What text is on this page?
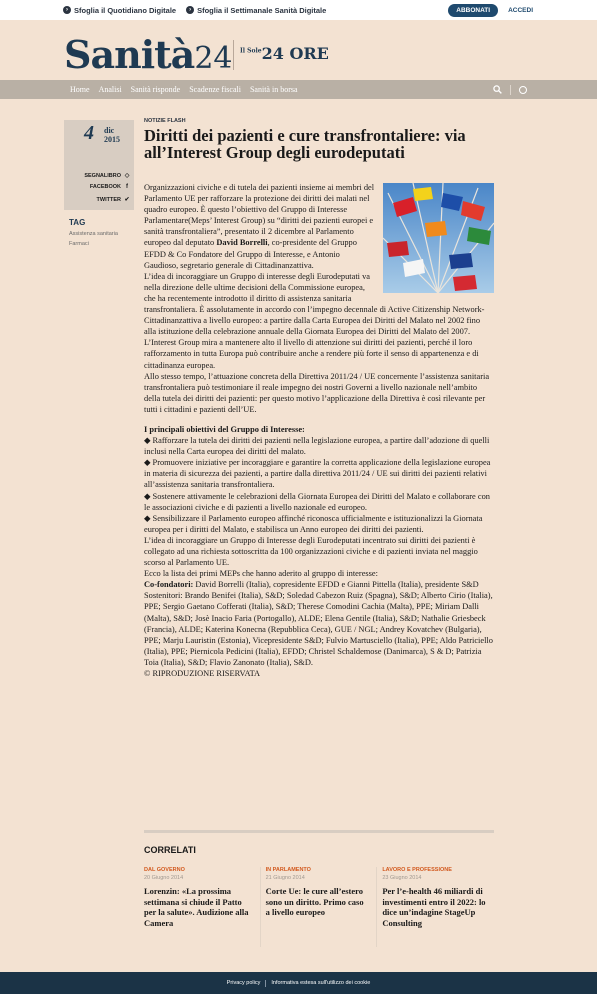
› Sfoglia il Quotidiano Digitale	› Sfoglia il Settimanale Sanità Digitale	ABBONATI	ACCEDI
Sanità24 $^{Il Sole}$24 ORE
Home Analisi Sanità risponde Scadenze fiscali Sanità in borsa
4 dic
2015
SEGNALIBRO ◇
FACEBOOK f
TWITTER ✔
TAG
Assistenza sanitaria
Farmaci
NOTIZIE FLASH
Diritti dei pazienti e cure transfrontaliere: via all’Interest Group degli eurodeputati

Organizzazioni civiche e di tutela dei pazienti insieme ai membri del Parlamento UE per rafforzare la protezione dei diritti dei malati nel quadro europeo. È questo l’obiettivo del Gruppo di Interesse Parlamentare(Meps’ Interest Group) su “diritti dei pazienti europei e sanità transfrontaliera”, presentato il 2 dicembre al Parlamento europeo dal deputato David Borrelli, co-presidente del Gruppo EFDD & Co Fondatore del Gruppo di Interesse, e Antonio Gaudioso, segretario generale di Cittadinanzattiva.

L’idea di incoraggiare un Gruppo di interesse degli Eurodeputati va nella direzione delle ultime decisioni della Commissione europea, che ha recentemente introdotto il diritto di assistenza sanitaria transfrontaliera. È assolutamente in accordo con l’impegno decennale di Active Citizenship Network-Cittadinanzattiva a livello europeo: a partire dalla Carta Europea dei Diritti del Malato nel 2002 fino alla istituzione della celebrazione annuale della Giornata Europea dei Diritti del Malato del 2007.

L’Interest Group mira a mantenere alto il livello di attenzione sui diritti dei pazienti, perché il loro rafforzamento in tutta Europa può contribuire anche a rendere più forte il senso di appartenenza e di cittadinanza europea.

Allo stesso tempo, l’attuazione concreta della Direttiva 2011/24 / UE concernente l’assistenza sanitaria transfrontaliera può testimoniare il reale impegno dei nostri Governi a livello nazionale nell’ambito della tutela dei diritti dei pazienti: per questo motivo l’applicazione della Direttiva è così rilevante per tutti i cittadini e pazienti dell’UE.

I principali obiettivi del Gruppo di Interesse:

◆ Rafforzare la tutela dei diritti dei pazienti nella legislazione europea, a partire dall’adozione di quelli inclusi nella Carta europea dei diritti del malato.

◆ Promuovere iniziative per incoraggiare e garantire la corretta applicazione della legislazione europea in materia di sicurezza dei pazienti, a partire dalla direttiva 2011/24 / UE sui diritti dei pazienti relativi all’assistenza sanitaria transfrontaliera.

◆ Sostenere attivamente le celebrazioni della Giornata Europea dei Diritti del Malato e collaborare con le associazioni civiche e di pazienti a livello nazionale ed europeo.

◆ Sensibilizzare il Parlamento europeo affinché riconosca ufficialmente e istituzionalizzi la Giornata europea per i diritti del Malato, e stabilisca un Anno europeo dei diritti dei pazienti.

L’idea di incoraggiare un Gruppo di Interesse degli Eurodeputati incentrato sui diritti dei pazienti è collegato ad una richiesta sottoscritta da 100 organizzazioni civiche e di pazienti inviata nel maggio scorso al Parlamento UE.

Ecco la lista dei primi MEPs che hanno aderito al gruppo di interesse:

Co-fondatori: David Borrelli (Italia), copresidente EFDD e Gianni Pittella (Italia), presidente S&D

Sostenitori: Brando Benifei (Italia), S&D; Soledad Cabezon Ruiz (Spagna), S&D; Alberto Cirio (Italia), PPE; Sergio Gaetano Cofferati (Italia), S&D; Therese Comodini Cachia (Malta), PPE; Miriam Dalli (Malta), S&D; Josè Inacio Faria (Portogallo), ALDE; Elena Gentile (Italia), S&D; Nathalie Griesbeck (Francia), ALDE; Katerina Konecna (Repubblica Ceca), GUE / NGL; Andrey Kovatchev (Bulgaria), PPE; Marju Lauristin (Estonia), Vicepresidente S&D; Fulvio Martusciello (Italia), PPE; Aldo Patriciello (Italia), PPE; Piernicola Pedicini (Italia), EFDD; Christel Schaldemose (Danimarca), S & D; Patrizia Toia (Italia), S&D; Flavio Zanonato (Italia), S&D.

© RIPRODUZIONE RISERVATA

CORRELATI
DAL GOVERNO
20 Giugno 2014
Lorenzin: «La prossima settimana si chiude il Patto per la salute». Audizione alla Camera
IN PARLAMENTO
21 Giugno 2014
Corte Ue: le cure all’estero sono un diritto. Primo caso a livello europeo
LAVORO E PROFESSIONE
23 Giugno 2014
Per l’e-health 46 miliardi di investimenti entro il 2022: lo dice un’indagine StageUp Consulting
Privacy policy Informativa estesa sull'utilizzo dei cookie
